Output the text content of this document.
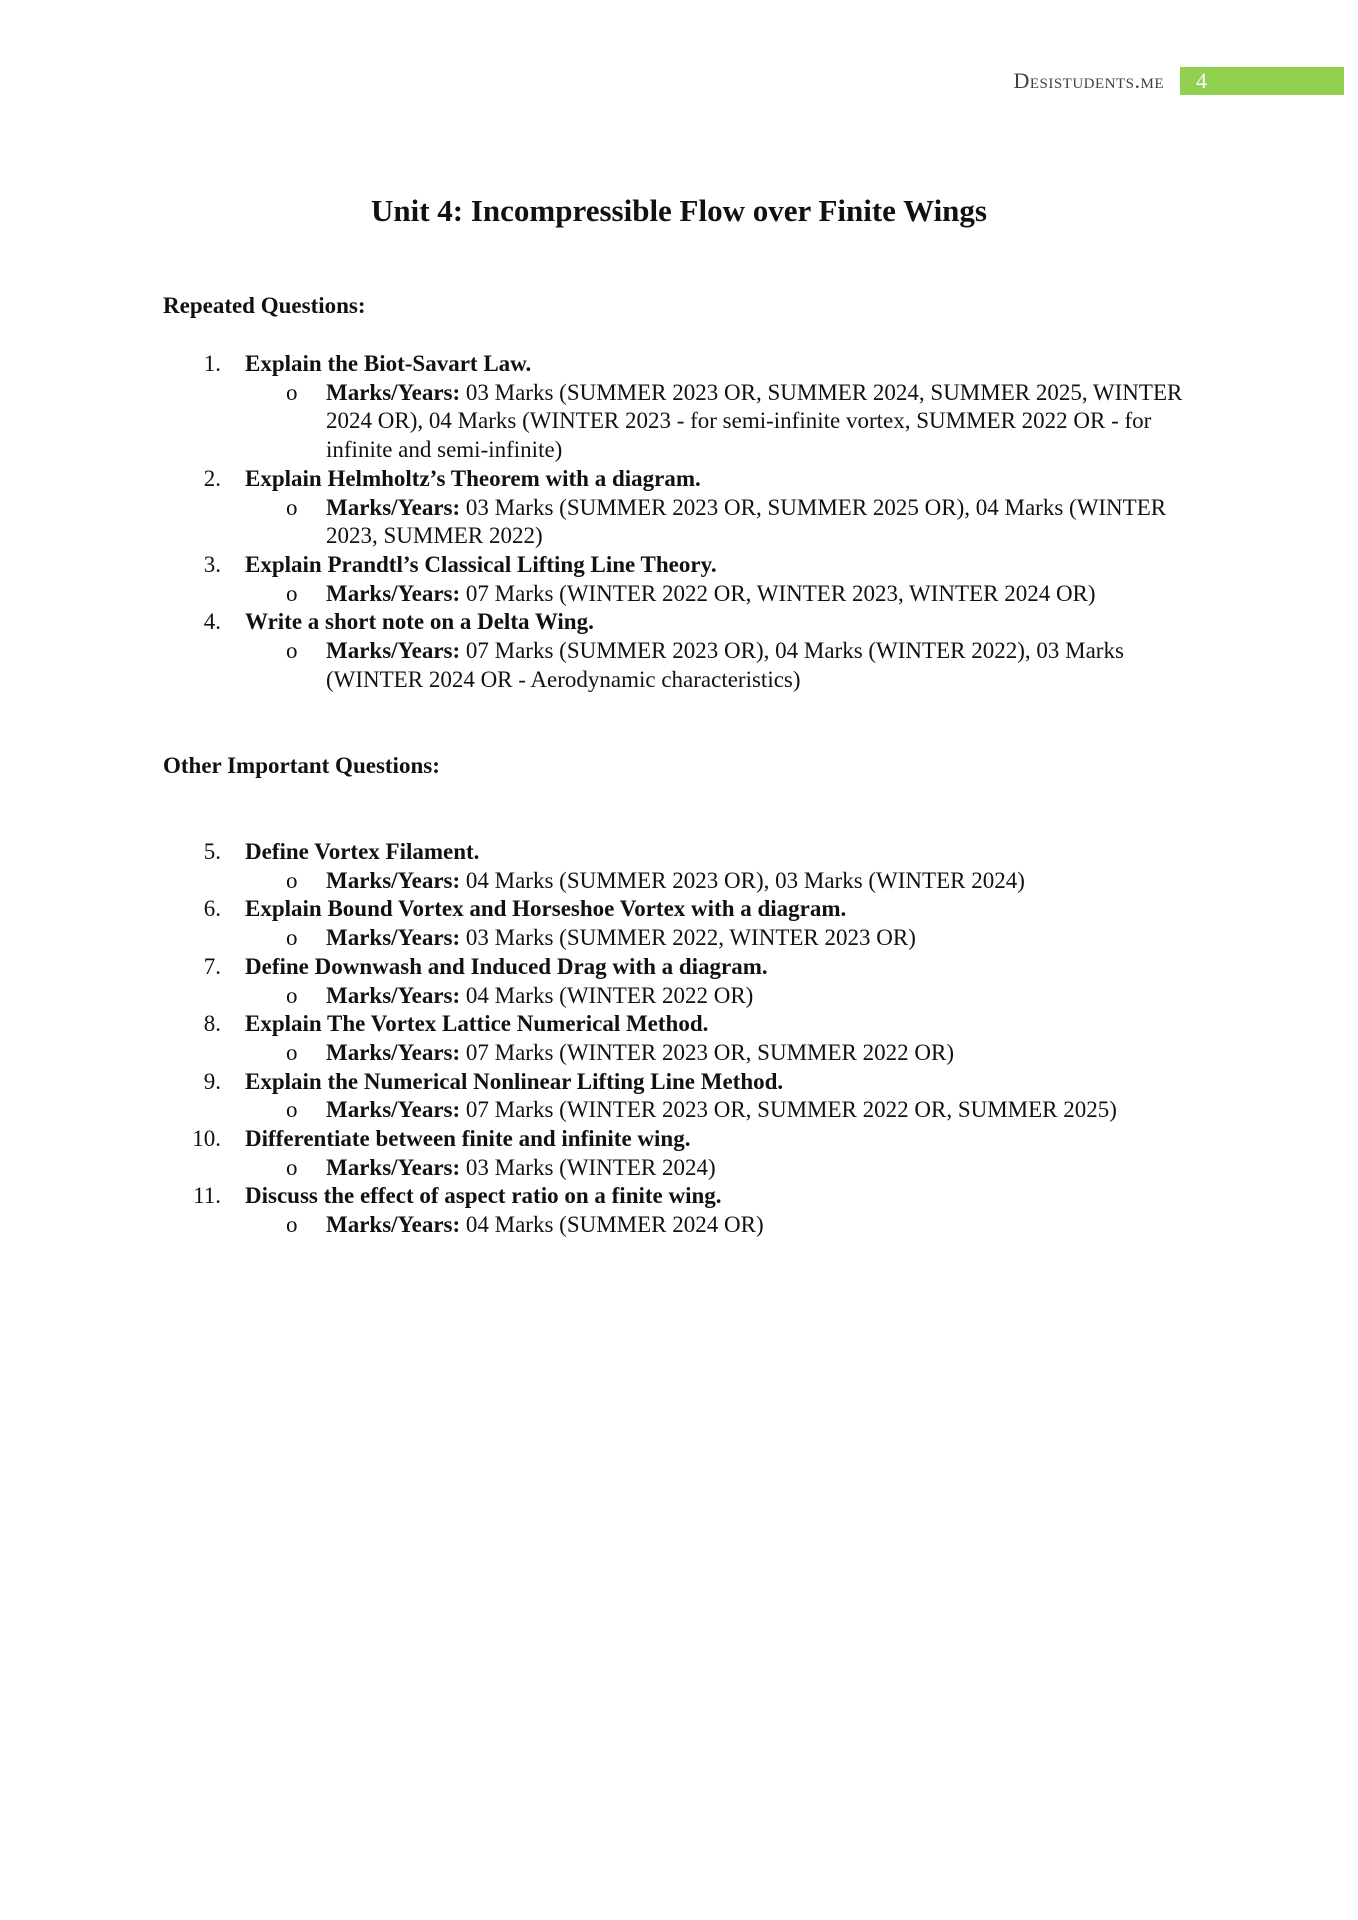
Desistudents.me	4
Unit 4: Incompressible Flow over Finite Wings
Repeated Questions:
1. Explain the Biot-Savart Law.
o Marks/Years: 03 Marks (SUMMER 2023 OR, SUMMER 2024, SUMMER 2025, WINTER 2024 OR), 04 Marks (WINTER 2023 - for semi-infinite vortex, SUMMER 2022 OR - for infinite and semi-infinite)
2. Explain Helmholtz’s Theorem with a diagram.
o Marks/Years: 03 Marks (SUMMER 2023 OR, SUMMER 2025 OR), 04 Marks (WINTER 2023, SUMMER 2022)
3. Explain Prandtl’s Classical Lifting Line Theory.
o Marks/Years: 07 Marks (WINTER 2022 OR, WINTER 2023, WINTER 2024 OR)
4. Write a short note on a Delta Wing.
o Marks/Years: 07 Marks (SUMMER 2023 OR), 04 Marks (WINTER 2022), 03 Marks (WINTER 2024 OR - Aerodynamic characteristics)
Other Important Questions:
5. Define Vortex Filament.
o Marks/Years: 04 Marks (SUMMER 2023 OR), 03 Marks (WINTER 2024)
6. Explain Bound Vortex and Horseshoe Vortex with a diagram.
o Marks/Years: 03 Marks (SUMMER 2022, WINTER 2023 OR)
7. Define Downwash and Induced Drag with a diagram.
o Marks/Years: 04 Marks (WINTER 2022 OR)
8. Explain The Vortex Lattice Numerical Method.
o Marks/Years: 07 Marks (WINTER 2023 OR, SUMMER 2022 OR)
9. Explain the Numerical Nonlinear Lifting Line Method.
o Marks/Years: 07 Marks (WINTER 2023 OR, SUMMER 2022 OR, SUMMER 2025)
10. Differentiate between finite and infinite wing.
o Marks/Years: 03 Marks (WINTER 2024)
11. Discuss the effect of aspect ratio on a finite wing.
o Marks/Years: 04 Marks (SUMMER 2024 OR)
